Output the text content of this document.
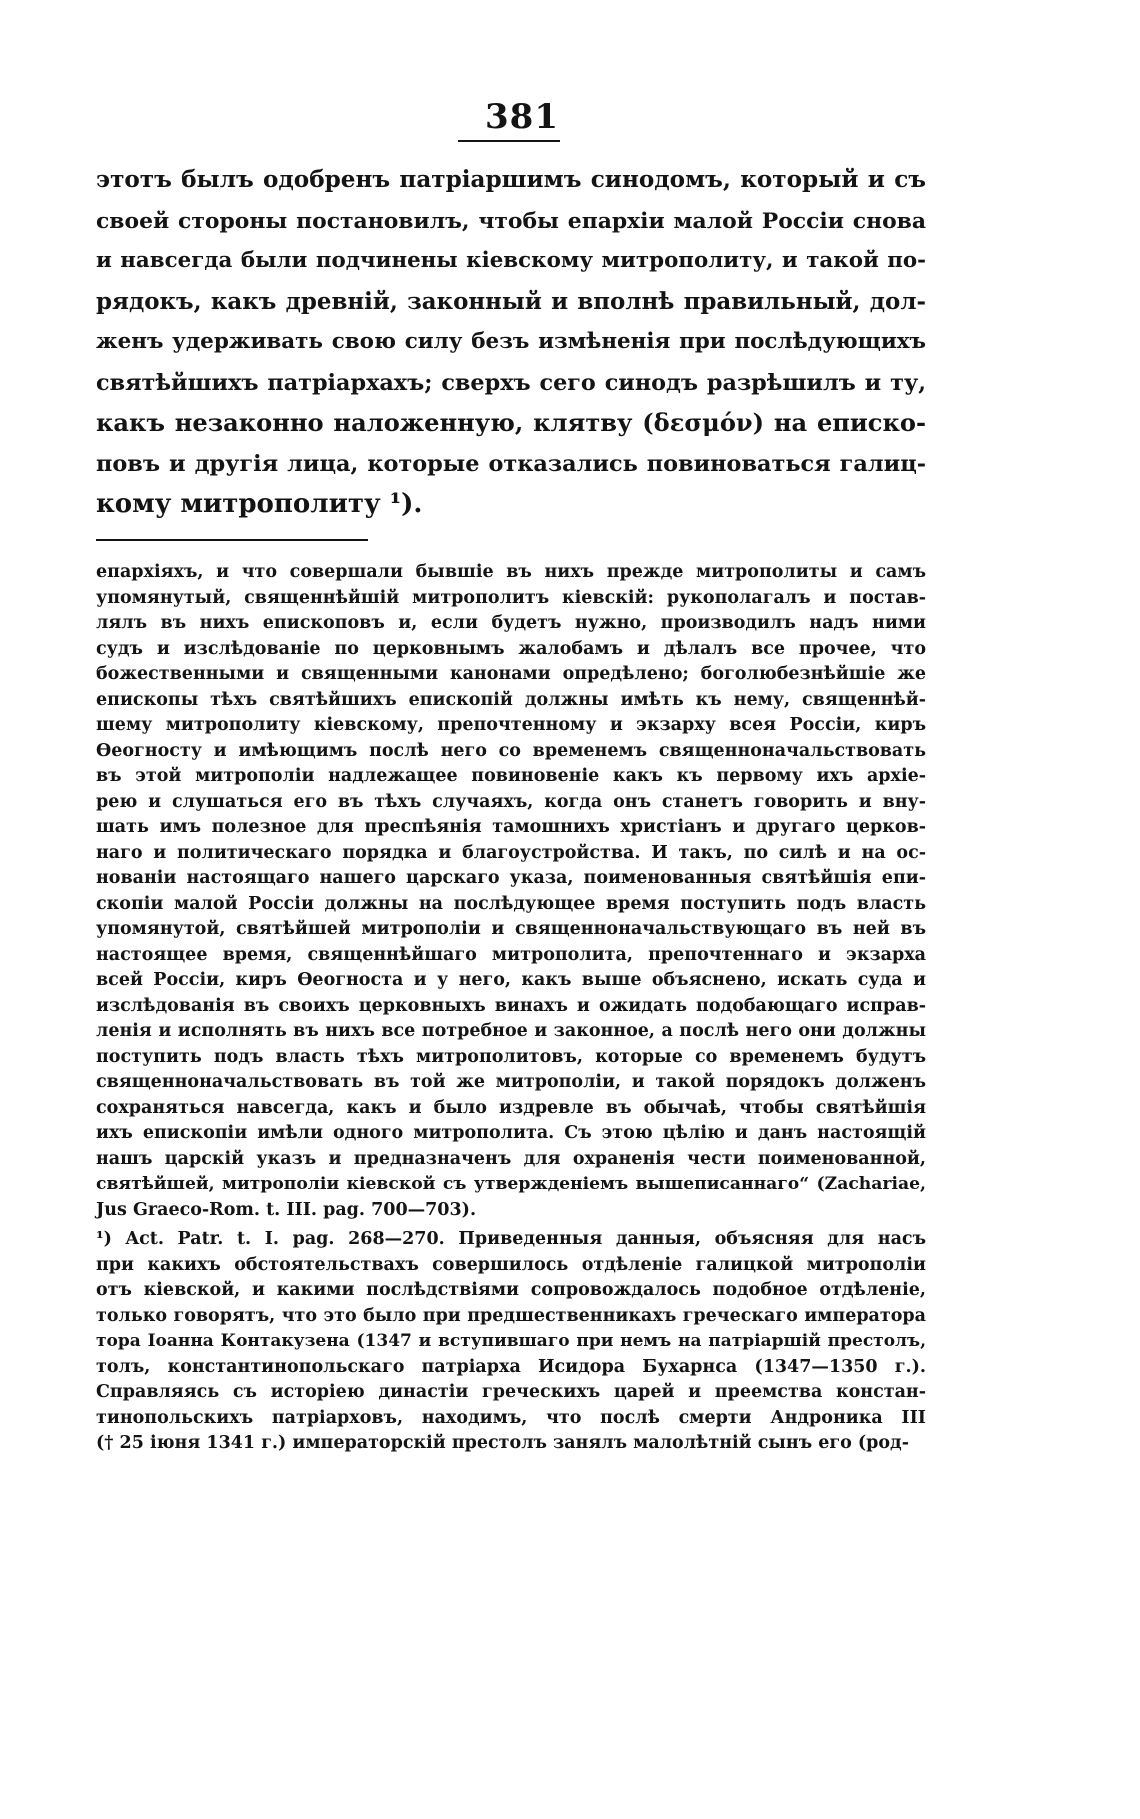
381
этотъ былъ одобренъ патріаршимъ синодомъ, который и съ
своей стороны постановилъ, чтобы епархіи малой Россіи снова
и навсегда были подчинены кіевскому митрополиту, и такой по-
рядокъ, какъ древній, законный и вполнѣ правильный, дол-
женъ удерживать свою силу безъ измѣненія при послѣдующихъ
святѣйшихъ патріархахъ; сверхъ сего синодъ разрѣшилъ и ту,
какъ незаконно наложенную, клятву (δεσμόν) на еписко-
повъ и другія лица, которые отказались повиноваться галиц-
кому митрополиту ¹).
епархіяхъ, и что совершали бывшіе въ нихъ прежде митрополиты и самъ
упомянутый, священнѣйшій митрополитъ кіевскій: рукополагалъ и постав-
лялъ въ нихъ епископовъ и, если будетъ нужно, производилъ надъ ними
судъ и изслѣдованіе по церковнымъ жалобамъ и дѣлалъ все прочее, что
божественными и священными канонами опредѣлено; боголюбезнѣйшіе же
епископы тѣхъ святѣйшихъ епископій должны имѣть къ нему, священнѣй-
шему митрополиту кіевскому, препочтенному и экзарху всея Россіи, киръ
Өеогносту и имѣющимъ послѣ него со временемъ священноначальствовать
въ этой митрополіи надлежащее повиновеніе какъ къ первому ихъ архіе-
рею и слушаться его въ тѣхъ случаяхъ, когда онъ станетъ говорить и вну-
шать имъ полезное для преспѣянія тамошнихъ христіанъ и другаго церков-
наго и политическаго порядка и благоустройства. И такъ, по силѣ и на ос-
нованіи настоящаго нашего царскаго указа, поименованныя святѣйшія епи-
скопіи малой Россіи должны на послѣдующее время поступить подъ власть
упомянутой, святѣйшей митрополіи и священноначальствующаго въ ней въ
настоящее время, священнѣйшаго митрополита, препочтеннаго и экзарха
всей Россіи, киръ Өеогноста и у него, какъ выше объяснено, искать суда и
изслѣдованія въ своихъ церковныхъ винахъ и ожидать подобающаго исправ-
ленія и исполнять въ нихъ все потребное и законное, а послѣ него они должны
поступить подъ власть тѣхъ митрополитовъ, которые со временемъ будутъ
священноначальствовать въ той же митрополіи, и такой порядокъ долженъ
сохраняться навсегда, какъ и было издревле въ обычаѣ, чтобы святѣйшія
ихъ епископіи имѣли одного митрополита. Съ этою цѣлію и данъ настоящій
нашъ царскій указъ и предназначенъ для охраненія чести поименованной,
святѣйшей, митрополіи кіевской съ утвержденіемъ вышеписаннаго“ (Zachariae,
Jus Graeco-Rom. t. III. pag. 700—703).
¹) Act. Patr. t. I. pag. 268—270. Приведенныя данныя, объясняя для насъ
при какихъ обстоятельствахъ совершилось отдѣленіе галицкой митрополіи
отъ кіевской, и какими послѣдствіями сопровождалось подобное отдѣленіе,
только говорятъ, что это было при предшественникахъ греческаго императора
тора Іоанна Контакузена (1347 и вступившаго при немъ на патріаршій престолъ,
толъ, константинопольскаго патріарха Исидора Бухарнса (1347—1350 г.).
Справляясь съ исторіею династіи греческихъ царей и преемства констан-
тинопольскихъ патріарховъ, находимъ, что послѣ смерти Андроника III
(† 25 іюня 1341 г.) императорскій престолъ занялъ малолѣтній сынъ его (род-
